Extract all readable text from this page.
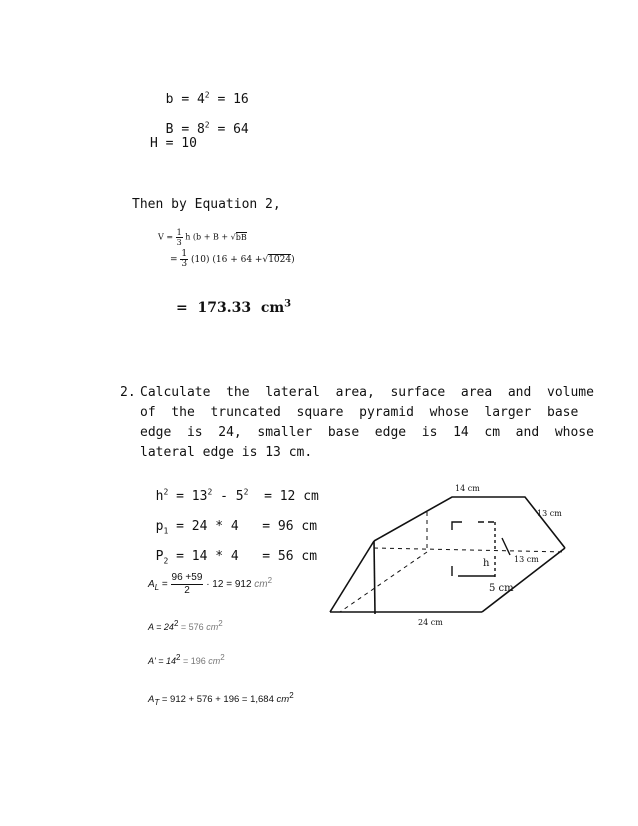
$b = 4^2 = 16$

$B = 8^2 = 64$

H = 10
Then by Equation 2,
$V = \frac{1}{3}$ h (b + B + √bB
= $\frac{1}{3} (10) (16 + 64 +√1024)$
= 173.33 $cm^3$
2. Calculate  the  lateral  area,  surface  area  and  volume
of  the  truncated  square  pyramid  whose  larger  base
edge  is  24,  smaller  base  edge  is  14  cm  and  whose
lateral edge is 13 cm.

$h^2 = 13^2 - 5^2 = 12$ cm

$p_1 = 24 * 4 = 96$ cm

$P_2 = 14 * 4 = 56$ cm

$A_L = \frac{96 +59}{2} \cdot 12 = 912$ $cm^2$
$A = 24^2 = 576$ $cm^2$
$A' = 14^2 = 196$ $cm^2$
$A_T = 912 + 576 + 196 = 1,684$ $cm^2$
14 cm
13 cm
h	13 cm
5 cm
24 cm
